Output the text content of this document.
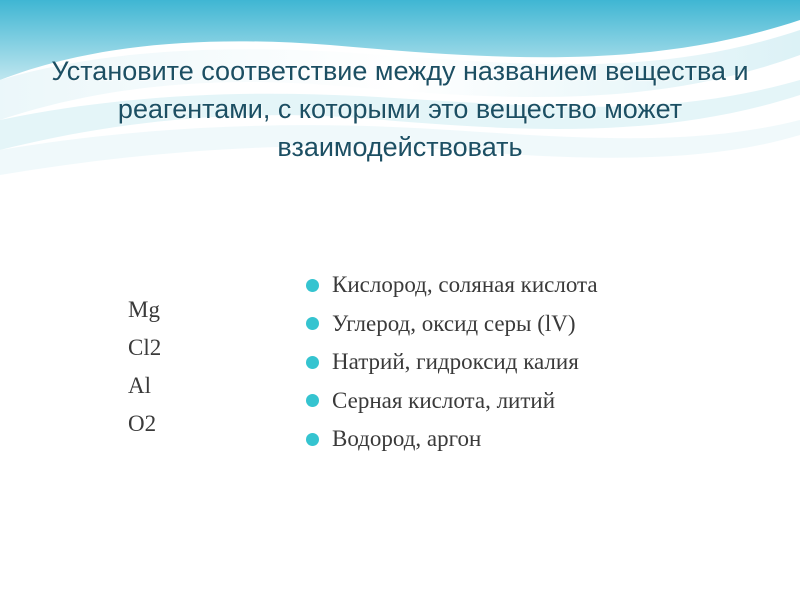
Установите соответствие между названием вещества и реагентами, с которыми это вещество может взаимодействовать
Mg
Cl2
Al
O2
Кислород, соляная кислота
Углерод, оксид серы (lV)
Натрий, гидроксид калия
Серная кислота, литий
Водород, аргон
